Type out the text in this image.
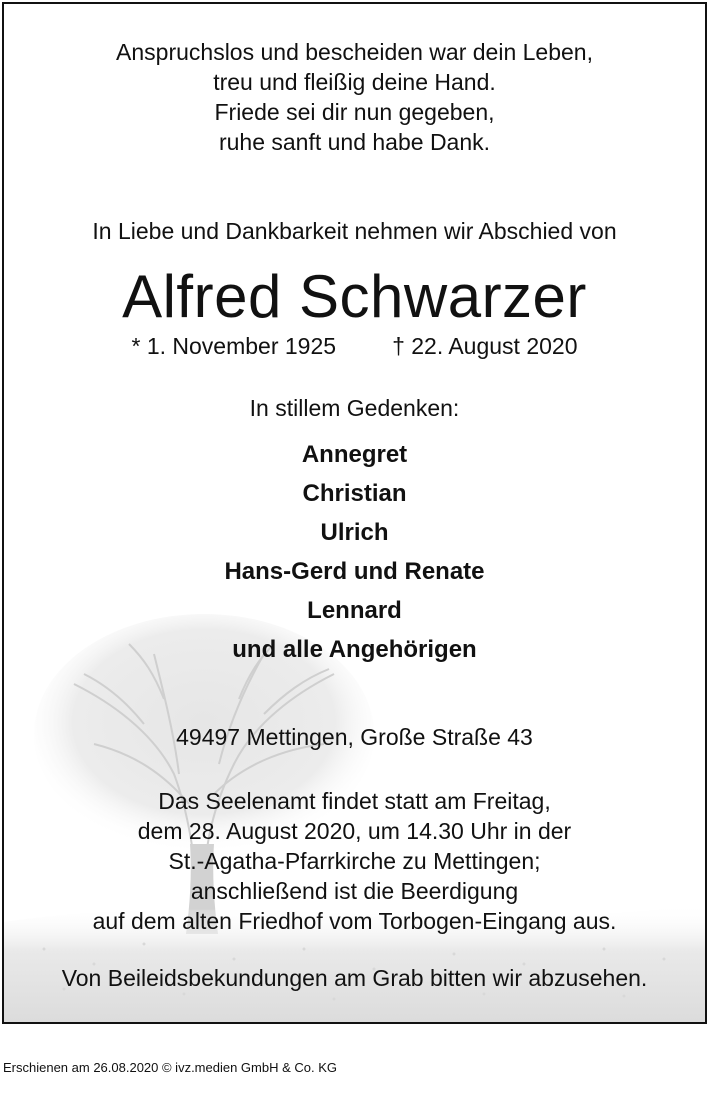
Anspruchslos und bescheiden war dein Leben,
treu und fleißig deine Hand.
Friede sei dir nun gegeben,
ruhe sanft und habe Dank.
In Liebe und Dankbarkeit nehmen wir Abschied von
Alfred Schwarzer
* 1. November 1925 † 22. August 2020
In stillem Gedenken:
Annegret
Christian
Ulrich
Hans-Gerd und Renate
Lennard
und alle Angehörigen
49497 Mettingen, Große Straße 43
Das Seelenamt findet statt am Freitag,
dem 28. August 2020, um 14.30 Uhr in der
St.-Agatha-Pfarrkirche zu Mettingen;
anschließend ist die Beerdigung
auf dem alten Friedhof vom Torbogen-Eingang aus.
Von Beileidsbekundungen am Grab bitten wir abzusehen.
Erschienen am 26.08.2020 © ivz.medien GmbH & Co. KG
